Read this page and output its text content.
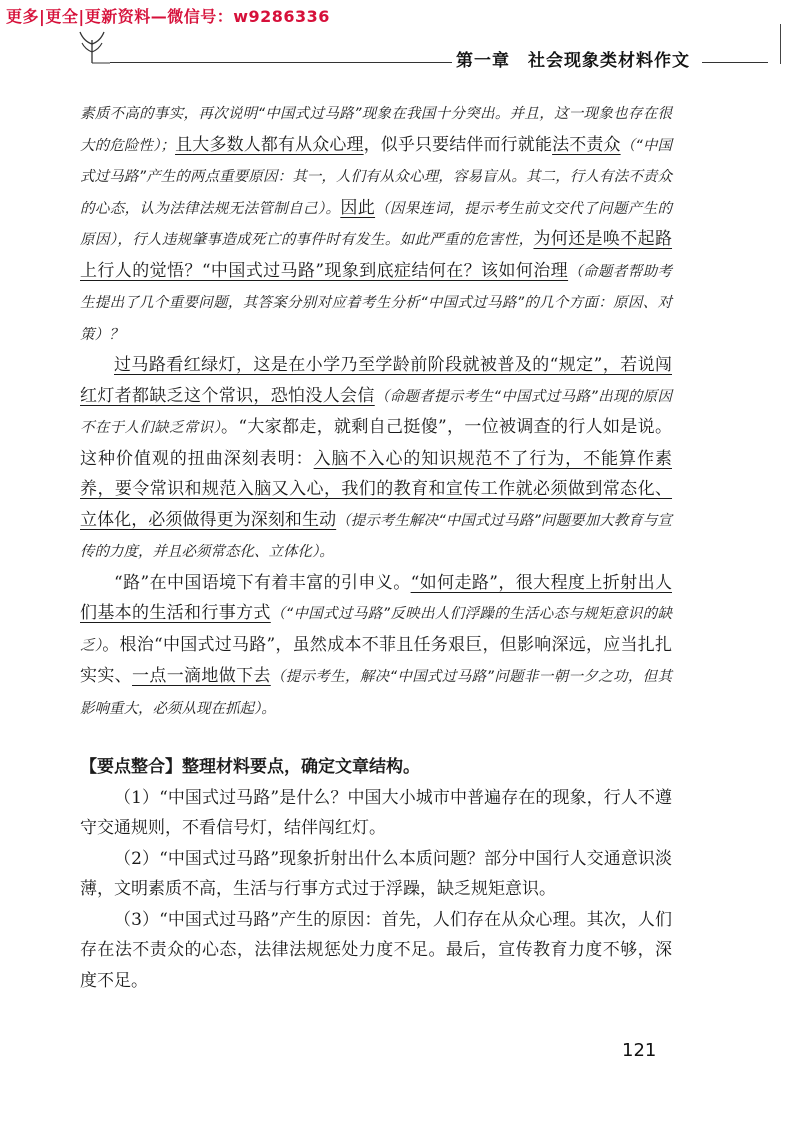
更多|更全|更新资料—微信号：w9286336
第一章　社会现象类材料作文

素质不高的事实，再次说明“中国式过马路”现象在我国十分突出。并且，这一现象也存在很大的危险性）；且大多数人都有从众心理，似乎只要结伴而行就能法不责众（“中国式过马路”产生的两点重要原因：其一，人们有从众心理，容易盲从。其二，行人有法不责众的心态，认为法律法规无法管制自己）。因此（因果连词，提示考生前文交代了问题产生的原因），行人违规肇事造成死亡的事件时有发生。如此严重的危害性，为何还是唤不起路上行人的觉悟？“中国式过马路”现象到底症结何在？该如何治理（命题者帮助考生提出了几个重要问题，其答案分别对应着考生分析“中国式过马路”的几个方面：原因、对策）？

过马路看红绿灯，这是在小学乃至学龄前阶段就被普及的“规定”，若说闯红灯者都缺乏这个常识，恐怕没人会信（命题者提示考生“中国式过马路”出现的原因不在于人们缺乏常识）。“大家都走，就剩自己挺傻”，一位被调查的行人如是说。这种价值观的扭曲深刻表明：入脑不入心的知识规范不了行为，不能算作素养，要令常识和规范入脑又入心，我们的教育和宣传工作就必须做到常态化、立体化，必须做得更为深刻和生动（提示考生解决“中国式过马路”问题要加大教育与宣传的力度，并且必须常态化、立体化）。

“路”在中国语境下有着丰富的引申义。“如何走路”，很大程度上折射出人们基本的生活和行事方式（“中国式过马路”反映出人们浮躁的生活心态与规矩意识的缺乏）。根治“中国式过马路”，虽然成本不菲且任务艰巨，但影响深远，应当扎扎实实、一点一滴地做下去（提示考生，解决“中国式过马路”问题非一朝一夕之功，但其影响重大，必须从现在抓起）。

【要点整合】整理材料要点，确定文章结构。

（1）“中国式过马路”是什么？中国大小城市中普遍存在的现象，行人不遵守交通规则，不看信号灯，结伴闯红灯。

（2）“中国式过马路”现象折射出什么本质问题？部分中国行人交通意识淡薄，文明素质不高，生活与行事方式过于浮躁，缺乏规矩意识。

（3）“中国式过马路”产生的原因：首先，人们存在从众心理。其次，人们存在法不责众的心态，法律法规惩处力度不足。最后，宣传教育力度不够，深度不足。

121
